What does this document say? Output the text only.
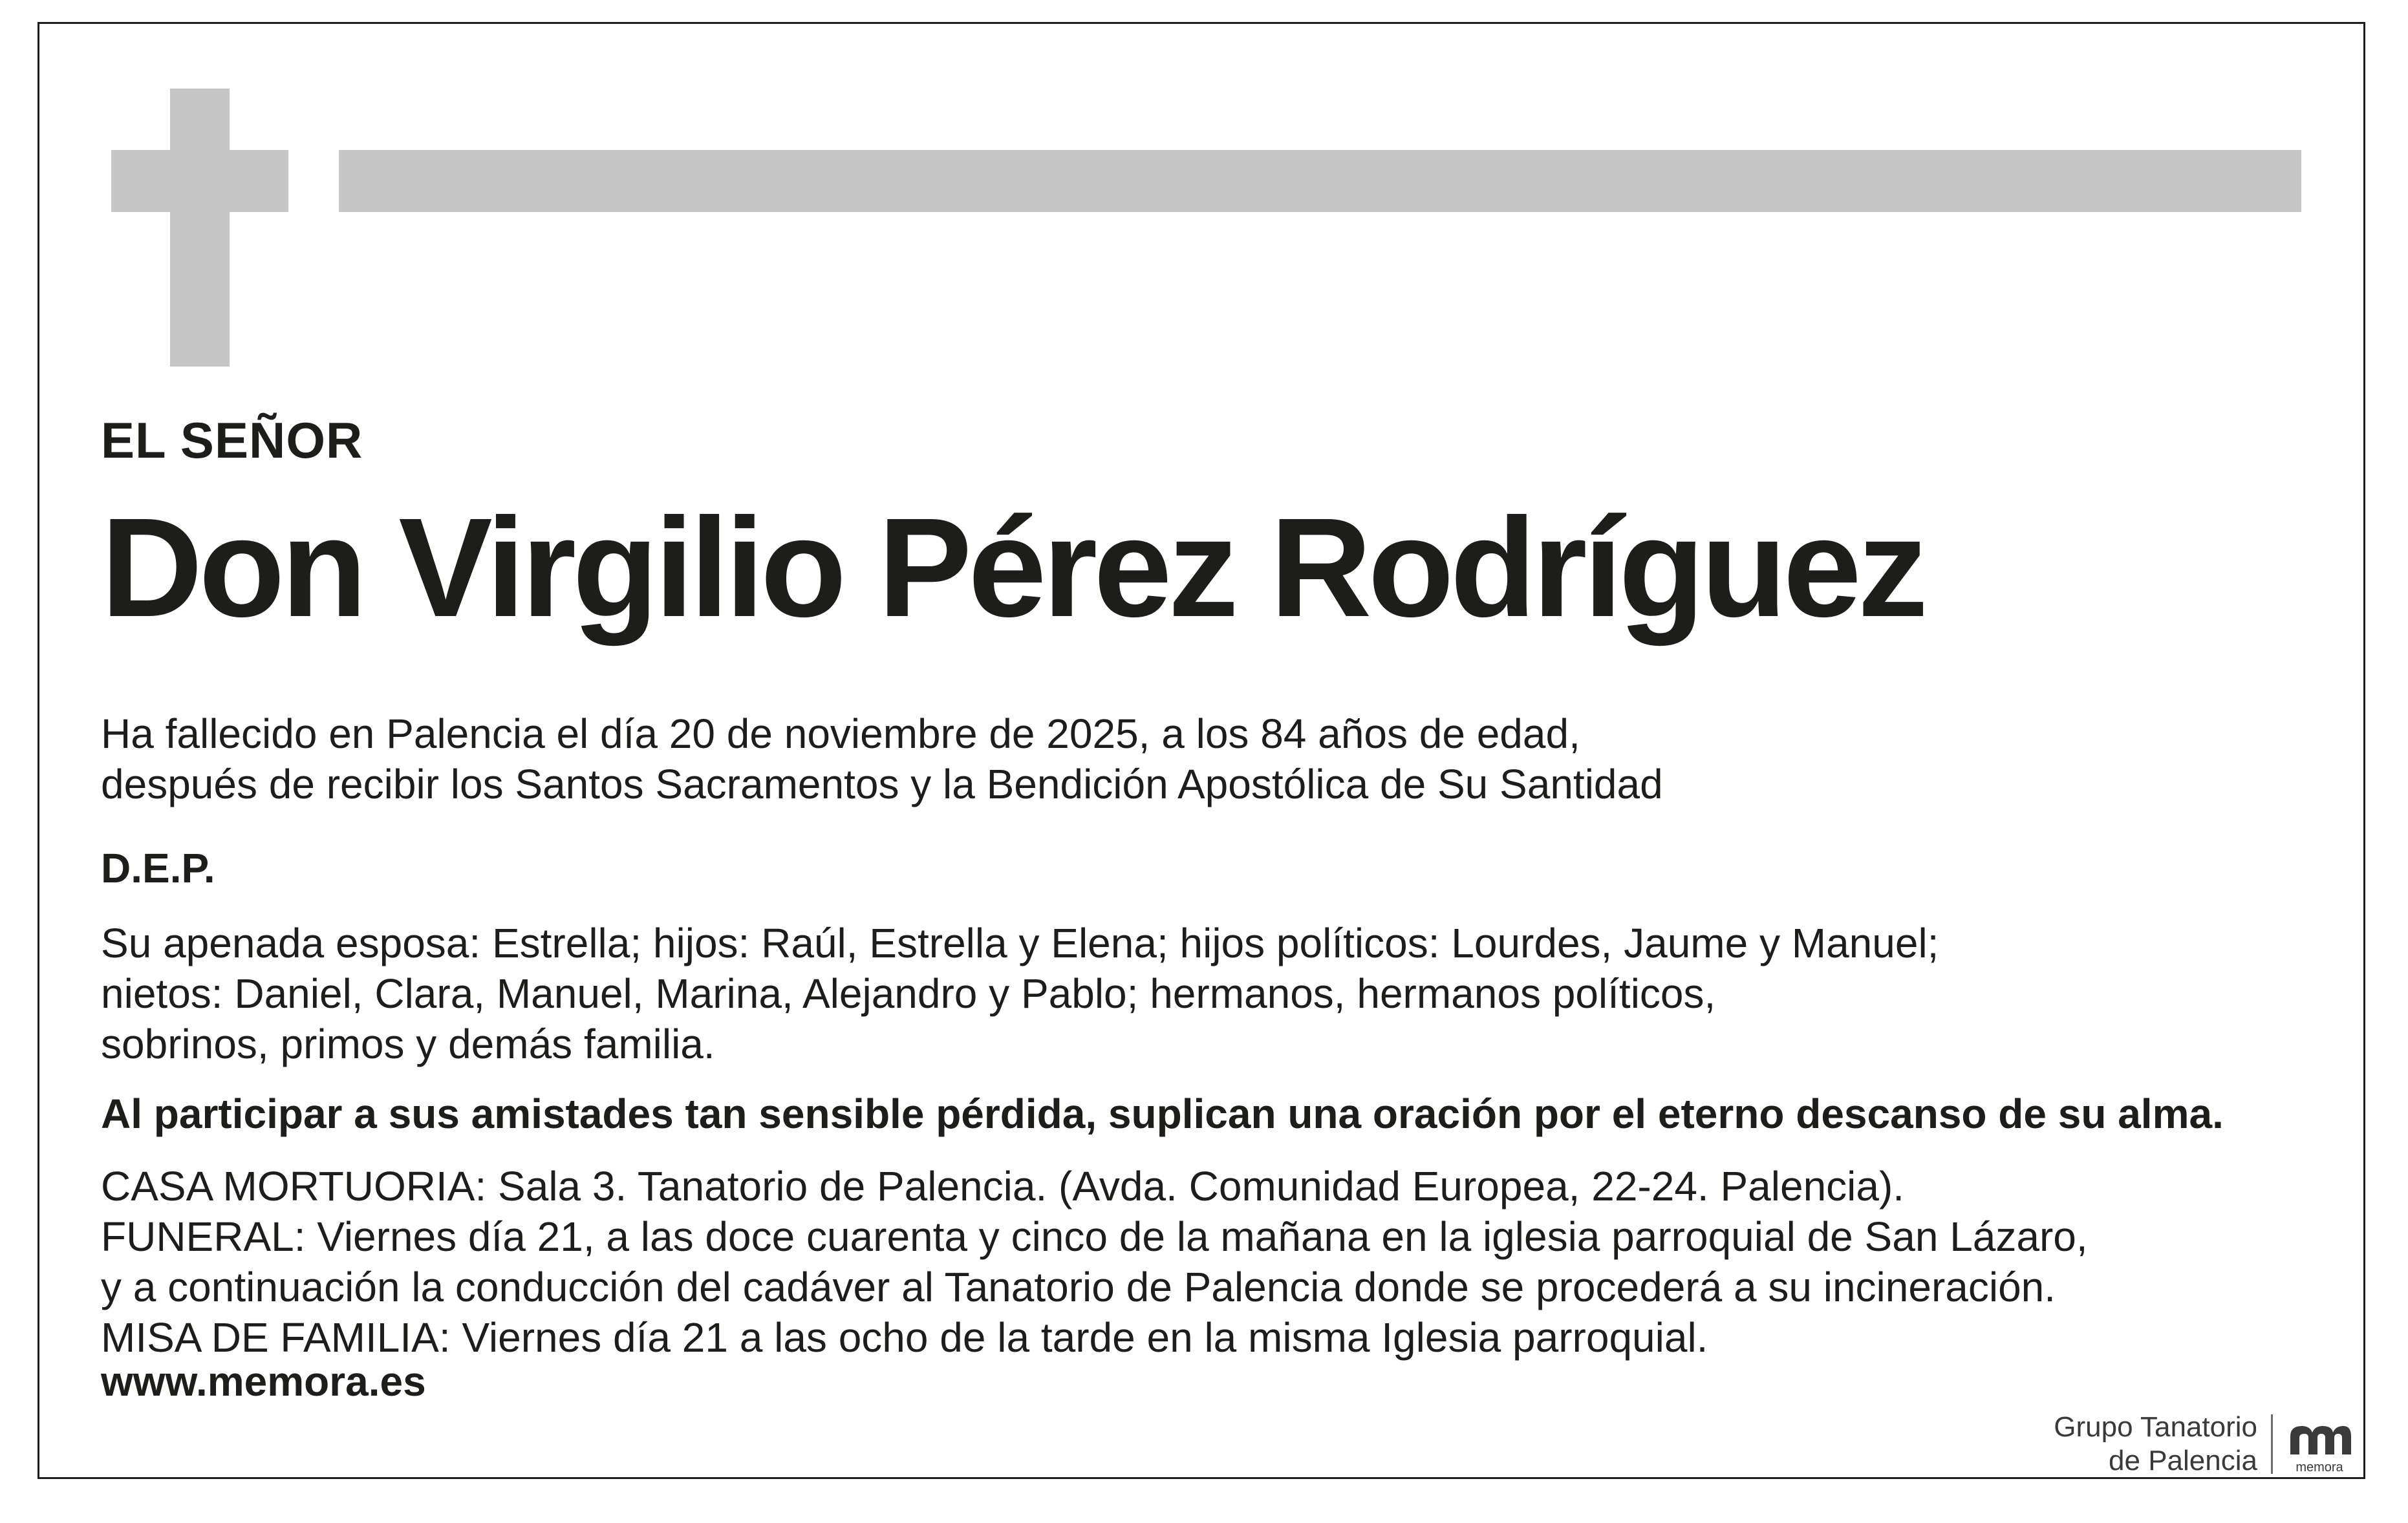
EL SEÑOR
Don Virgilio Pérez Rodríguez
Ha fallecido en Palencia el día 20 de noviembre de 2025, a los 84 años de edad,
después de recibir los Santos Sacramentos y la Bendición Apostólica de Su Santidad
D.E.P.
Su apenada esposa: Estrella; hijos: Raúl, Estrella y Elena; hijos políticos: Lourdes, Jaume y Manuel;
nietos: Daniel, Clara, Manuel, Marina, Alejandro y Pablo; hermanos, hermanos políticos,
sobrinos, primos y demás familia.
Al participar a sus amistades tan sensible pérdida, suplican una oración por el eterno descanso de su alma.
CASA MORTUORIA: Sala 3. Tanatorio de Palencia. (Avda. Comunidad Europea, 22-24. Palencia).
FUNERAL: Viernes día 21, a las doce cuarenta y cinco de la mañana en la iglesia parroquial de San Lázaro,
y a continuación la conducción del cadáver al Tanatorio de Palencia donde se procederá a su incineración.
MISA DE FAMILIA: Viernes día 21 a las ocho de la tarde en la misma Iglesia parroquial.
www.memora.es
Grupo Tanatorio
de Palencia	memora
